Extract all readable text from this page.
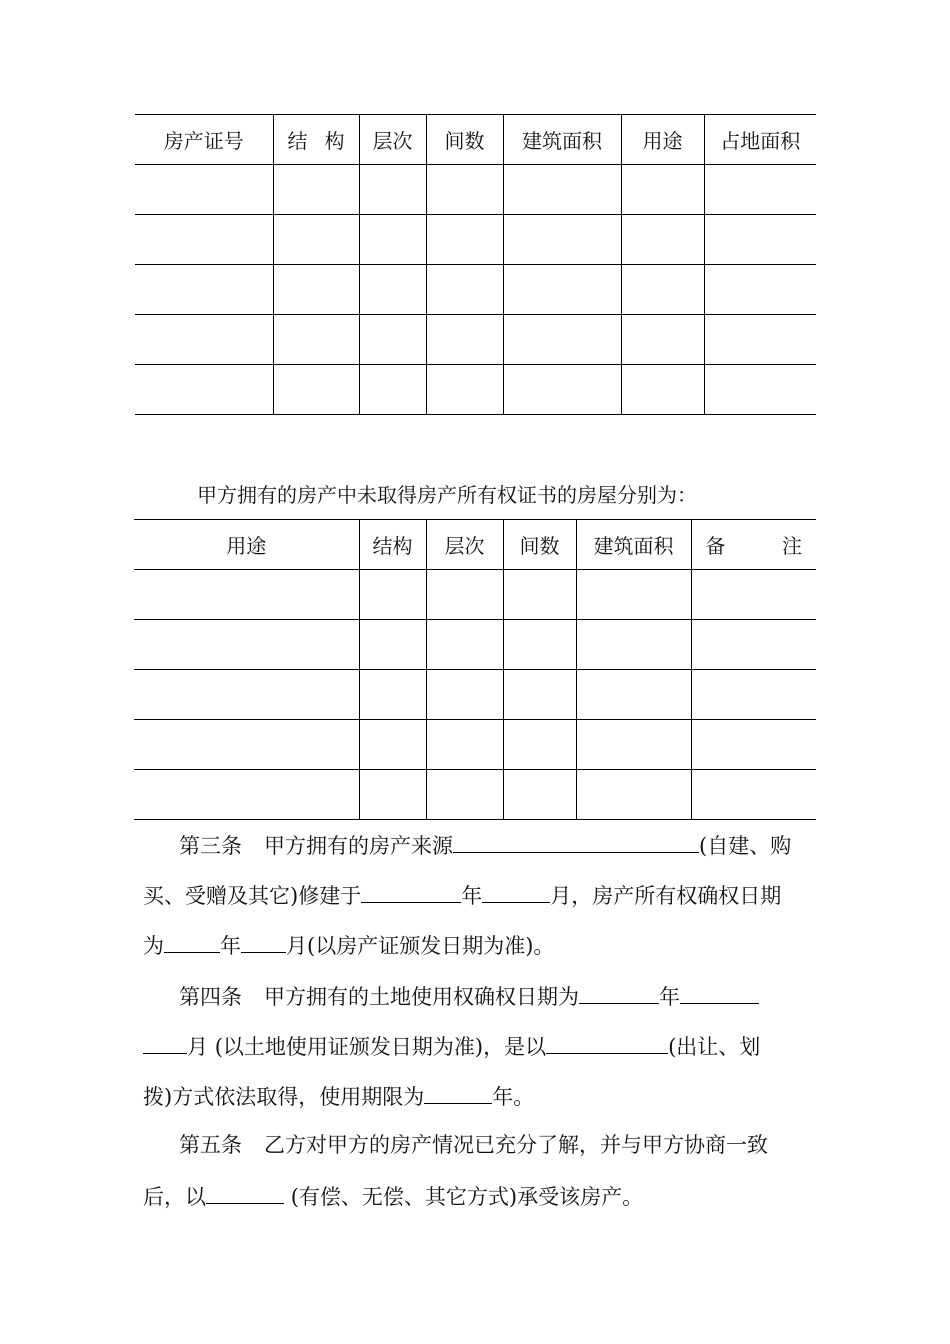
房产证号	结 构	层次	间数	建筑面积	用途	占地面积

甲方拥有的房产中未取得房产所有权证书的房屋分别为：
用途	结构	层次	间数	建筑面积	备 注

第三条 甲方拥有的房产来源	(自建、购
买、受赠及其它)修建于	年	月，房产所有权确权日期
为	年 月(以房产证颁发日期为准)。
第四条 甲方拥有的土地使用权确权日期为	年
月 (以土地使用证颁发日期为准)，是以	(出让、划
拨)方式依法取得，使用期限为	年。
第五条 乙方对甲方的房产情况已充分了解，并与甲方协商一致
后，以	(有偿、无偿、其它方式)承受该房产。
